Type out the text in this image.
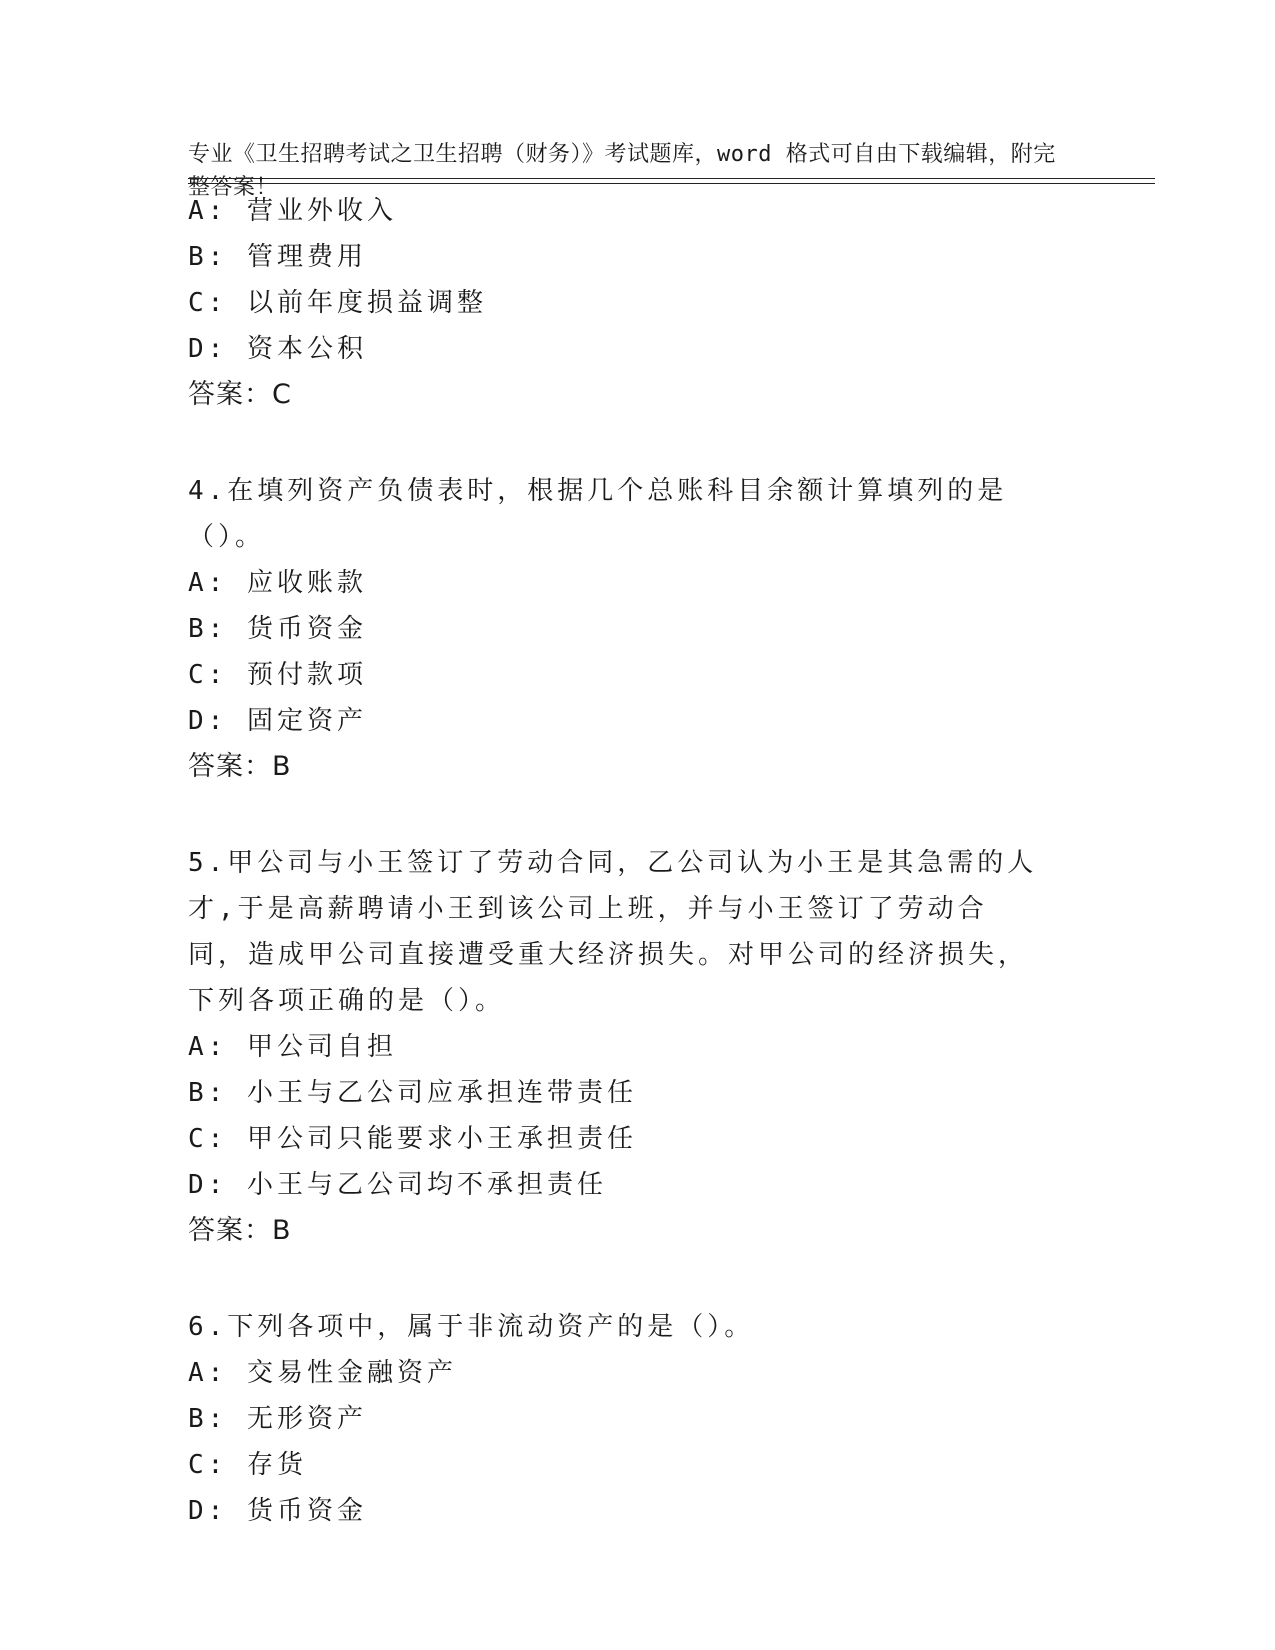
专业《卫生招聘考试之卫生招聘（财务）》考试题库，word 格式可自由下载编辑，附完整答案！

A: 营业外收入
B: 管理费用
C: 以前年度损益调整
D: 资本公积
答案：C
4.在填列资产负债表时，根据几个总账科目余额计算填列的是（）。
A: 应收账款
B: 货币资金
C: 预付款项
D: 固定资产
答案：B
5.甲公司与小王签订了劳动合同，乙公司认为小王是其急需的人才,于是高薪聘请小王到该公司上班，并与小王签订了劳动合同，造成甲公司直接遭受重大经济损失。对甲公司的经济损失，下列各项正确的是（）。
A: 甲公司自担
B: 小王与乙公司应承担连带责任
C: 甲公司只能要求小王承担责任
D: 小王与乙公司均不承担责任
答案：B
6.下列各项中，属于非流动资产的是（）。
A: 交易性金融资产
B: 无形资产
C: 存货
D: 货币资金
